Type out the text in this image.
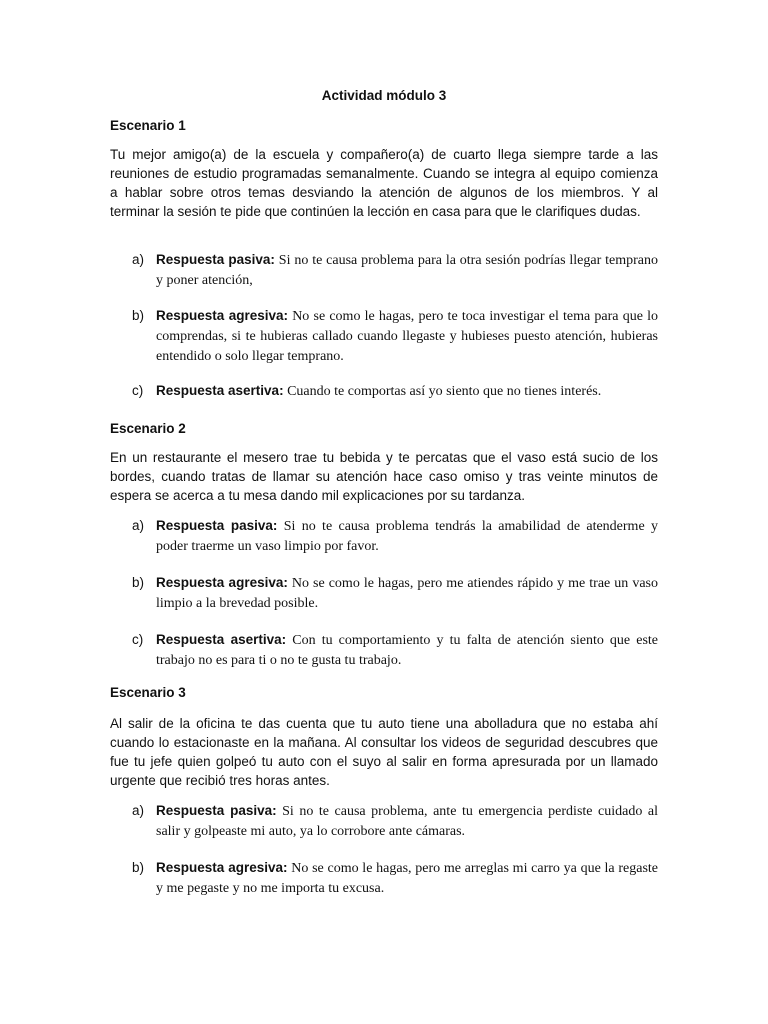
Actividad módulo 3
Escenario 1
Tu mejor amigo(a) de la escuela y compañero(a) de cuarto llega siempre tarde a las reuniones de estudio programadas semanalmente. Cuando se integra al equipo comienza a hablar sobre otros temas desviando la atención de algunos de los miembros. Y al terminar la sesión te pide que continúen la lección en casa para que le clarifiques dudas.
a) Respuesta pasiva: Si no te causa problema para la otra sesión podrías llegar temprano y poner atención,
b) Respuesta agresiva: No se como le hagas, pero te toca investigar el tema para que lo comprendas, si te hubieras callado cuando llegaste y hubieses puesto atención, hubieras entendido o solo llegar temprano.
c) Respuesta asertiva: Cuando te comportas así yo siento que no tienes interés.
Escenario 2
En un restaurante el mesero trae tu bebida y te percatas que el vaso está sucio de los bordes, cuando tratas de llamar su atención hace caso omiso y tras veinte minutos de espera se acerca a tu mesa dando mil explicaciones por su tardanza.
a) Respuesta pasiva: Si no te causa problema tendrás la amabilidad de atenderme y poder traerme un vaso limpio por favor.
b) Respuesta agresiva: No se como le hagas, pero me atiendes rápido y me trae un vaso limpio a la brevedad posible.
c) Respuesta asertiva: Con tu comportamiento y tu falta de atención siento que este trabajo no es para ti o no te gusta tu trabajo.
Escenario 3
Al salir de la oficina te das cuenta que tu auto tiene una abolladura que no estaba ahí cuando lo estacionaste en la mañana. Al consultar los videos de seguridad descubres que fue tu jefe quien golpeó tu auto con el suyo al salir en forma apresurada por un llamado urgente que recibió tres horas antes.
a) Respuesta pasiva: Si no te causa problema, ante tu emergencia perdiste cuidado al salir y golpeaste mi auto, ya lo corrobore ante cámaras.
b) Respuesta agresiva: No se como le hagas, pero me arreglas mi carro ya que la regaste y me pegaste y no me importa tu excusa.
